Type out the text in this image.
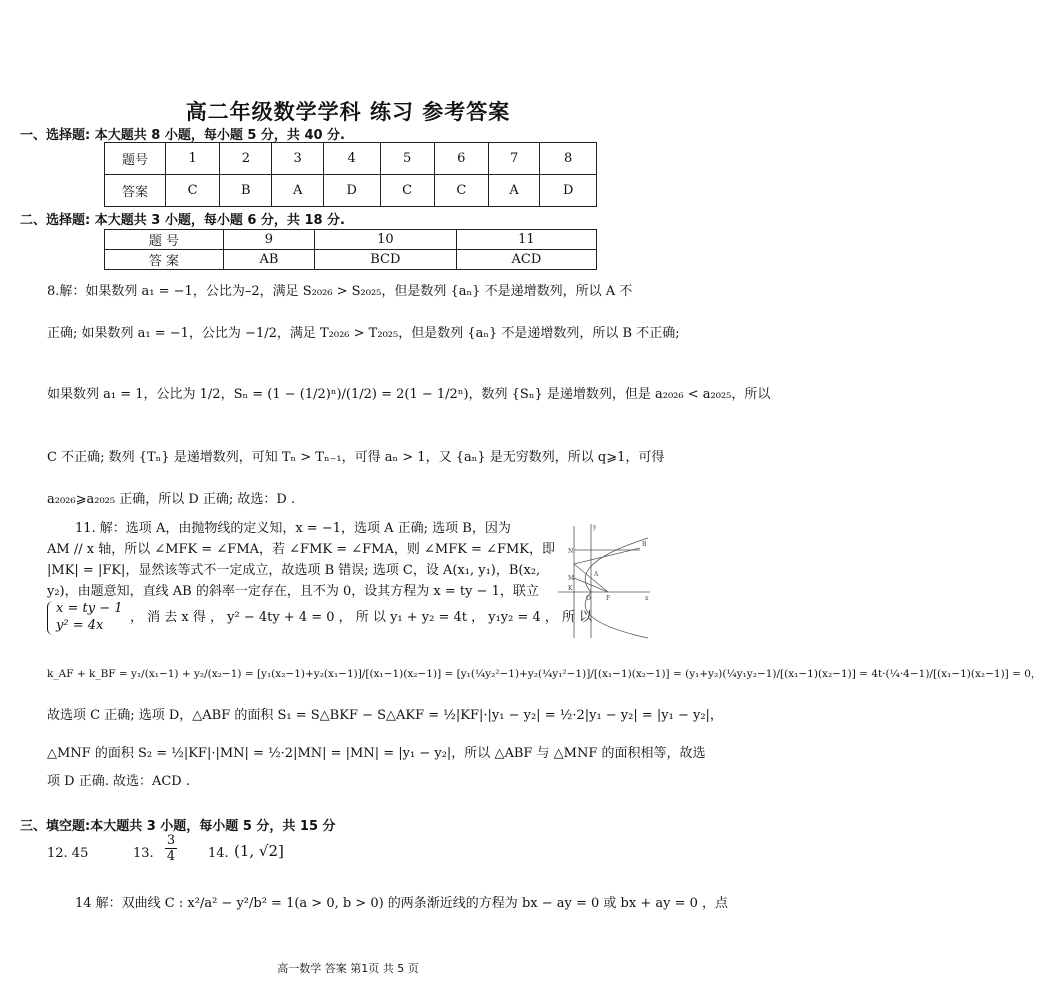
高二年级数学学科 练习 参考答案
一、选择题: 本大题共 8 小题，每小题 5 分，共 40 分.
题号	1	2	3	4	5	6	7	8
答案	C	B	A	D	C	C	A	D
二、选择题: 本大题共 3 小题，每小题 6 分，共 18 分.
题 号	9	10	11
答 案	AB	BCD	ACD
8.解：如果数列 a₁ = −1，公比为–2，满足 S₂₀₂₆ > S₂₀₂₅，但是数列 {aₙ} 不是递增数列，所以 A 不
正确; 如果数列 a₁ = −1，公比为 −1/2，满足 T₂₀₂₆ > T₂₀₂₅，但是数列 {aₙ} 不是递增数列，所以 B 不正确;
如果数列 a₁ = 1，公比为 1/2，Sₙ = (1 − (1/2)ⁿ)/(1/2) = 2(1 − 1/2ⁿ)，数列 {Sₙ} 是递增数列，但是 a₂₀₂₆ < a₂₀₂₅，所以
C 不正确; 数列 {Tₙ} 是递增数列，可知 Tₙ > Tₙ₋₁，可得 aₙ > 1，又 {aₙ} 是无穷数列，所以 q⩾1，可得
a₂₀₂₆⩾a₂₀₂₅ 正确，所以 D 正确; 故选：D .
11. 解：选项 A，由抛物线的定义知，x = −1，选项 A 正确; 选项 B，因为
AM // x 轴，所以 ∠MFK = ∠FMA，若 ∠FMK = ∠FMA，则 ∠MFK = ∠FMK，即
|MK| = |FK|，显然该等式不一定成立，故选项 B 错误; 选项 C，设 A(x₁, y₁)，B(x₂,
y₂)，由题意知，直线 AB 的斜率一定存在，且不为 0，设其方程为 x = ty − 1，联立
x = ty − 1
y² = 4x
， 消 去 x 得 ， y² − 4ty + 4 = 0 ， 所 以 y₁ + y₂ = 4t ， y₁y₂ = 4 ， 所 以
k_AF + k_BF = y₁/(x₁−1) + y₂/(x₂−1) = [y₁(x₂−1)+y₂(x₁−1)]/[(x₁−1)(x₂−1)] = [y₁(¼y₂²−1)+y₂(¼y₁²−1)]/[(x₁−1)(x₂−1)] = (y₁+y₂)(¼y₁y₂−1)/[(x₁−1)(x₂−1)] = 4t·(¼·4−1)/[(x₁−1)(x₂−1)] = 0，
故选项 C 正确; 选项 D，△ABF 的面积 S₁ = S△BKF − S△AKF = ½|KF|·|y₁ − y₂| = ½·2|y₁ − y₂| = |y₁ − y₂|，
△MNF 的面积 S₂ = ½|KF|·|MN| = ½·2|MN| = |MN| = |y₁ − y₂|，所以 △ABF 与 △MNF 的面积相等，故选
项 D 正确. 故选：ACD .
y
N
M
A
B
K
O	F	x
三、填空题:本大题共 3 小题，每小题 5 分，共 15 分
12. 45	13. $\frac{3}{4} 14$. (1, √2]
14 解：双曲线 C : x²/a² − y²/b² = 1(a > 0, b > 0) 的两条渐近线的方程为 bx − ay = 0 或 bx + ay = 0 ，点
高一数学 答案 第1页 共 5 页
